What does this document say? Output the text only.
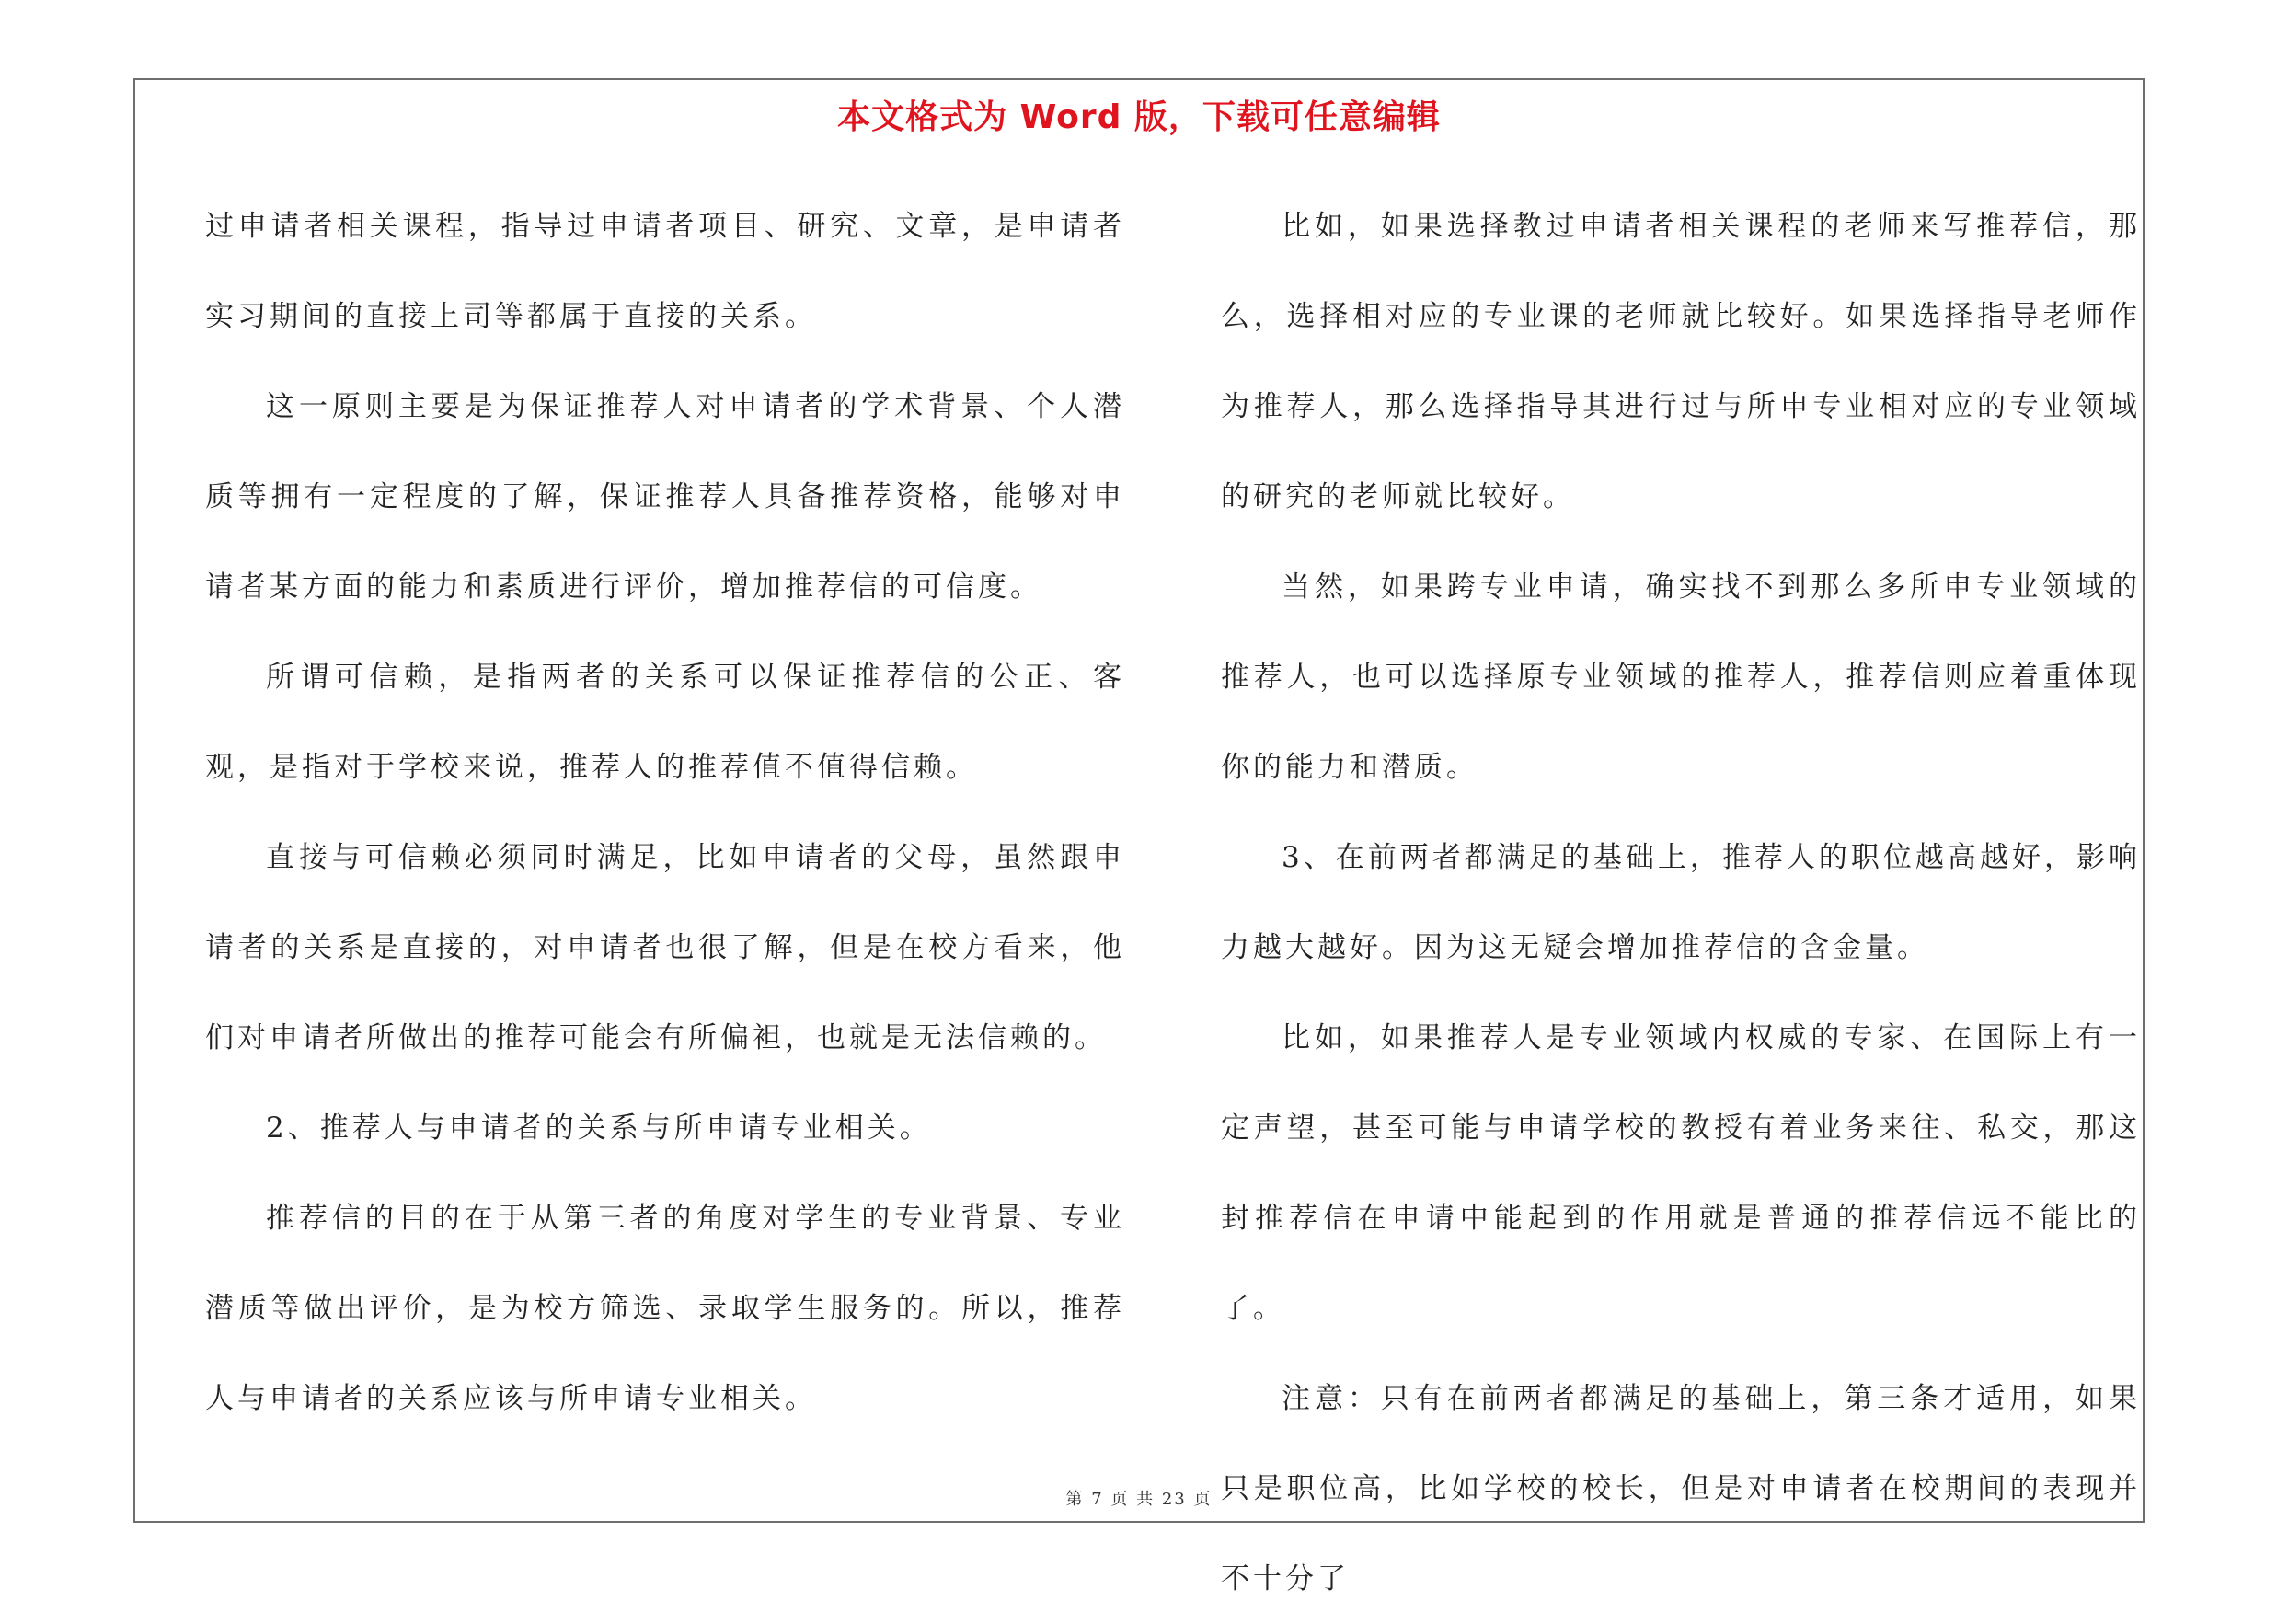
本文格式为 Word 版，下载可任意编辑

过申请者相关课程，指导过申请者项目、研究、文章，是申请者实习期间的直接上司等都属于直接的关系。

这一原则主要是为保证推荐人对申请者的学术背景、个人潜质等拥有一定程度的了解，保证推荐人具备推荐资格，能够对申请者某方面的能力和素质进行评价，增加推荐信的可信度。

所谓可信赖，是指两者的关系可以保证推荐信的公正、客观，是指对于学校来说，推荐人的推荐值不值得信赖。

直接与可信赖必须同时满足，比如申请者的父母，虽然跟申请者的关系是直接的，对申请者也很了解，但是在校方看来，他们对申请者所做出的推荐可能会有所偏袒，也就是无法信赖的。

2、推荐人与申请者的关系与所申请专业相关。

推荐信的目的在于从第三者的角度对学生的专业背景、专业潜质等做出评价，是为校方筛选、录取学生服务的。所以，推荐人与申请者的关系应该与所申请专业相关。

比如，如果选择教过申请者相关课程的老师来写推荐信，那么，选择相对应的专业课的老师就比较好。如果选择指导老师作为推荐人，那么选择指导其进行过与所申专业相对应的专业领域的研究的老师就比较好。

当然，如果跨专业申请，确实找不到那么多所申专业领域的推荐人，也可以选择原专业领域的推荐人，推荐信则应着重体现你的能力和潜质。

3、在前两者都满足的基础上，推荐人的职位越高越好，影响力越大越好。因为这无疑会增加推荐信的含金量。

比如，如果推荐人是专业领域内权威的专家、在国际上有一定声望，甚至可能与申请学校的教授有着业务来往、私交，那这封推荐信在申请中能起到的作用就是普通的推荐信远不能比的了。

注意：只有在前两者都满足的基础上，第三条才适用，如果只是职位高，比如学校的校长，但是对申请者在校期间的表现并不十分了

第 7 页 共 23 页
